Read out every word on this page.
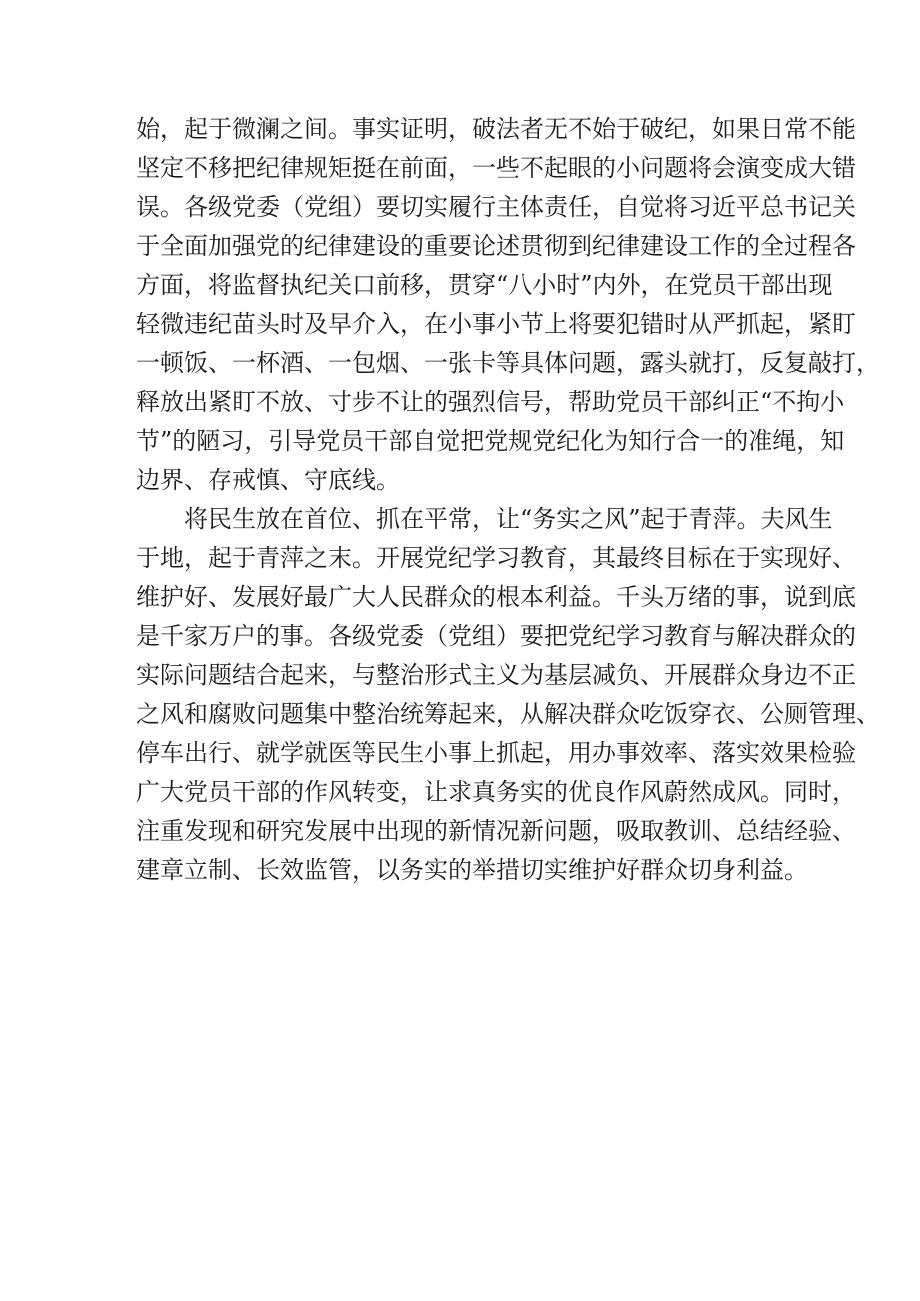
始，起于微澜之间。事实证明，破法者无不始于破纪，如果日常不能
坚定不移把纪律规矩挺在前面，一些不起眼的小问题将会演变成大错
误。各级党委（党组）要切实履行主体责任，自觉将习近平总书记关
于全面加强党的纪律建设的重要论述贯彻到纪律建设工作的全过程各
方面，将监督执纪关口前移，贯穿“八小时”内外，在党员干部出现
轻微违纪苗头时及早介入，在小事小节上将要犯错时从严抓起，紧盯
一顿饭、一杯酒、一包烟、一张卡等具体问题，露头就打，反复敲打，
释放出紧盯不放、寸步不让的强烈信号，帮助党员干部纠正“不拘小
节”的陋习，引导党员干部自觉把党规党纪化为知行合一的准绳，知
边界、存戒慎、守底线。
将民生放在首位、抓在平常，让“务实之风”起于青萍。夫风生
于地，起于青萍之末。开展党纪学习教育，其最终目标在于实现好、
维护好、发展好最广大人民群众的根本利益。千头万绪的事，说到底
是千家万户的事。各级党委（党组）要把党纪学习教育与解决群众的
实际问题结合起来，与整治形式主义为基层减负、开展群众身边不正
之风和腐败问题集中整治统筹起来，从解决群众吃饭穿衣、公厕管理、
停车出行、就学就医等民生小事上抓起，用办事效率、落实效果检验
广大党员干部的作风转变，让求真务实的优良作风蔚然成风。同时，
注重发现和研究发展中出现的新情况新问题，吸取教训、总结经验、
建章立制、长效监管，以务实的举措切实维护好群众切身利益。
